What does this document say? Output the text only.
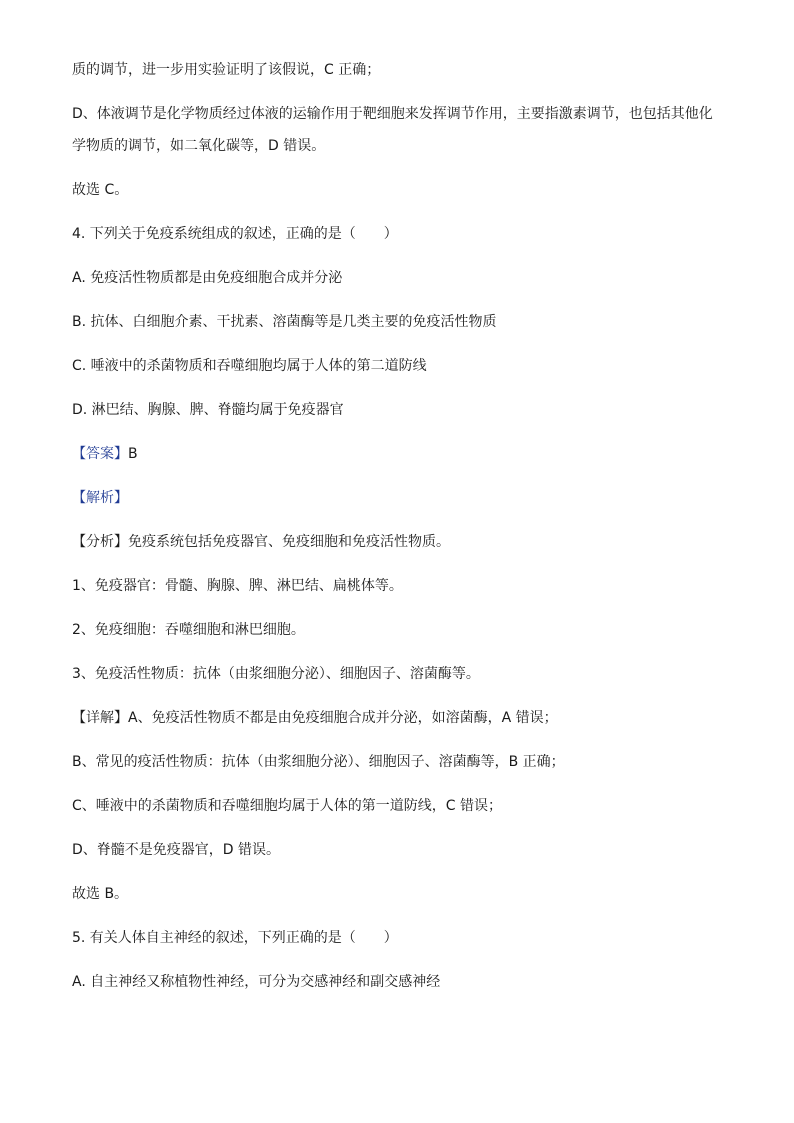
质的调节，进一步用实验证明了该假说，C 正确；

D、体液调节是化学物质经过体液的运输作用于靶细胞来发挥调节作用，主要指激素调节，也包括其他化

学物质的调节，如二氧化碳等，D 错误。

故选 C。

4. 下列关于免疫系统组成的叙述，正确的是（　　）

A. 免疫活性物质都是由免疫细胞合成并分泌

B. 抗体、白细胞介素、干扰素、溶菌酶等是几类主要的免疫活性物质

C. 唾液中的杀菌物质和吞噬细胞均属于人体的第二道防线

D. 淋巴结、胸腺、脾、脊髓均属于免疫器官

【答案】B

【解析】

【分析】免疫系统包括免疫器官、免疫细胞和免疫活性物质。

1、免疫器官：骨髓、胸腺、脾、淋巴结、扁桃体等。

2、免疫细胞：吞噬细胞和淋巴细胞。

3、免疫活性物质：抗体（由浆细胞分泌）、细胞因子、溶菌酶等。

【详解】A、免疫活性物质不都是由免疫细胞合成并分泌，如溶菌酶，A 错误；

B、常见的疫活性物质：抗体（由浆细胞分泌）、细胞因子、溶菌酶等，B 正确；

C、唾液中的杀菌物质和吞噬细胞均属于人体的第一道防线，C 错误；

D、脊髓不是免疫器官，D 错误。

故选 B。

5. 有关人体自主神经的叙述，下列正确的是（　　）

A. 自主神经又称植物性神经，可分为交感神经和副交感神经
